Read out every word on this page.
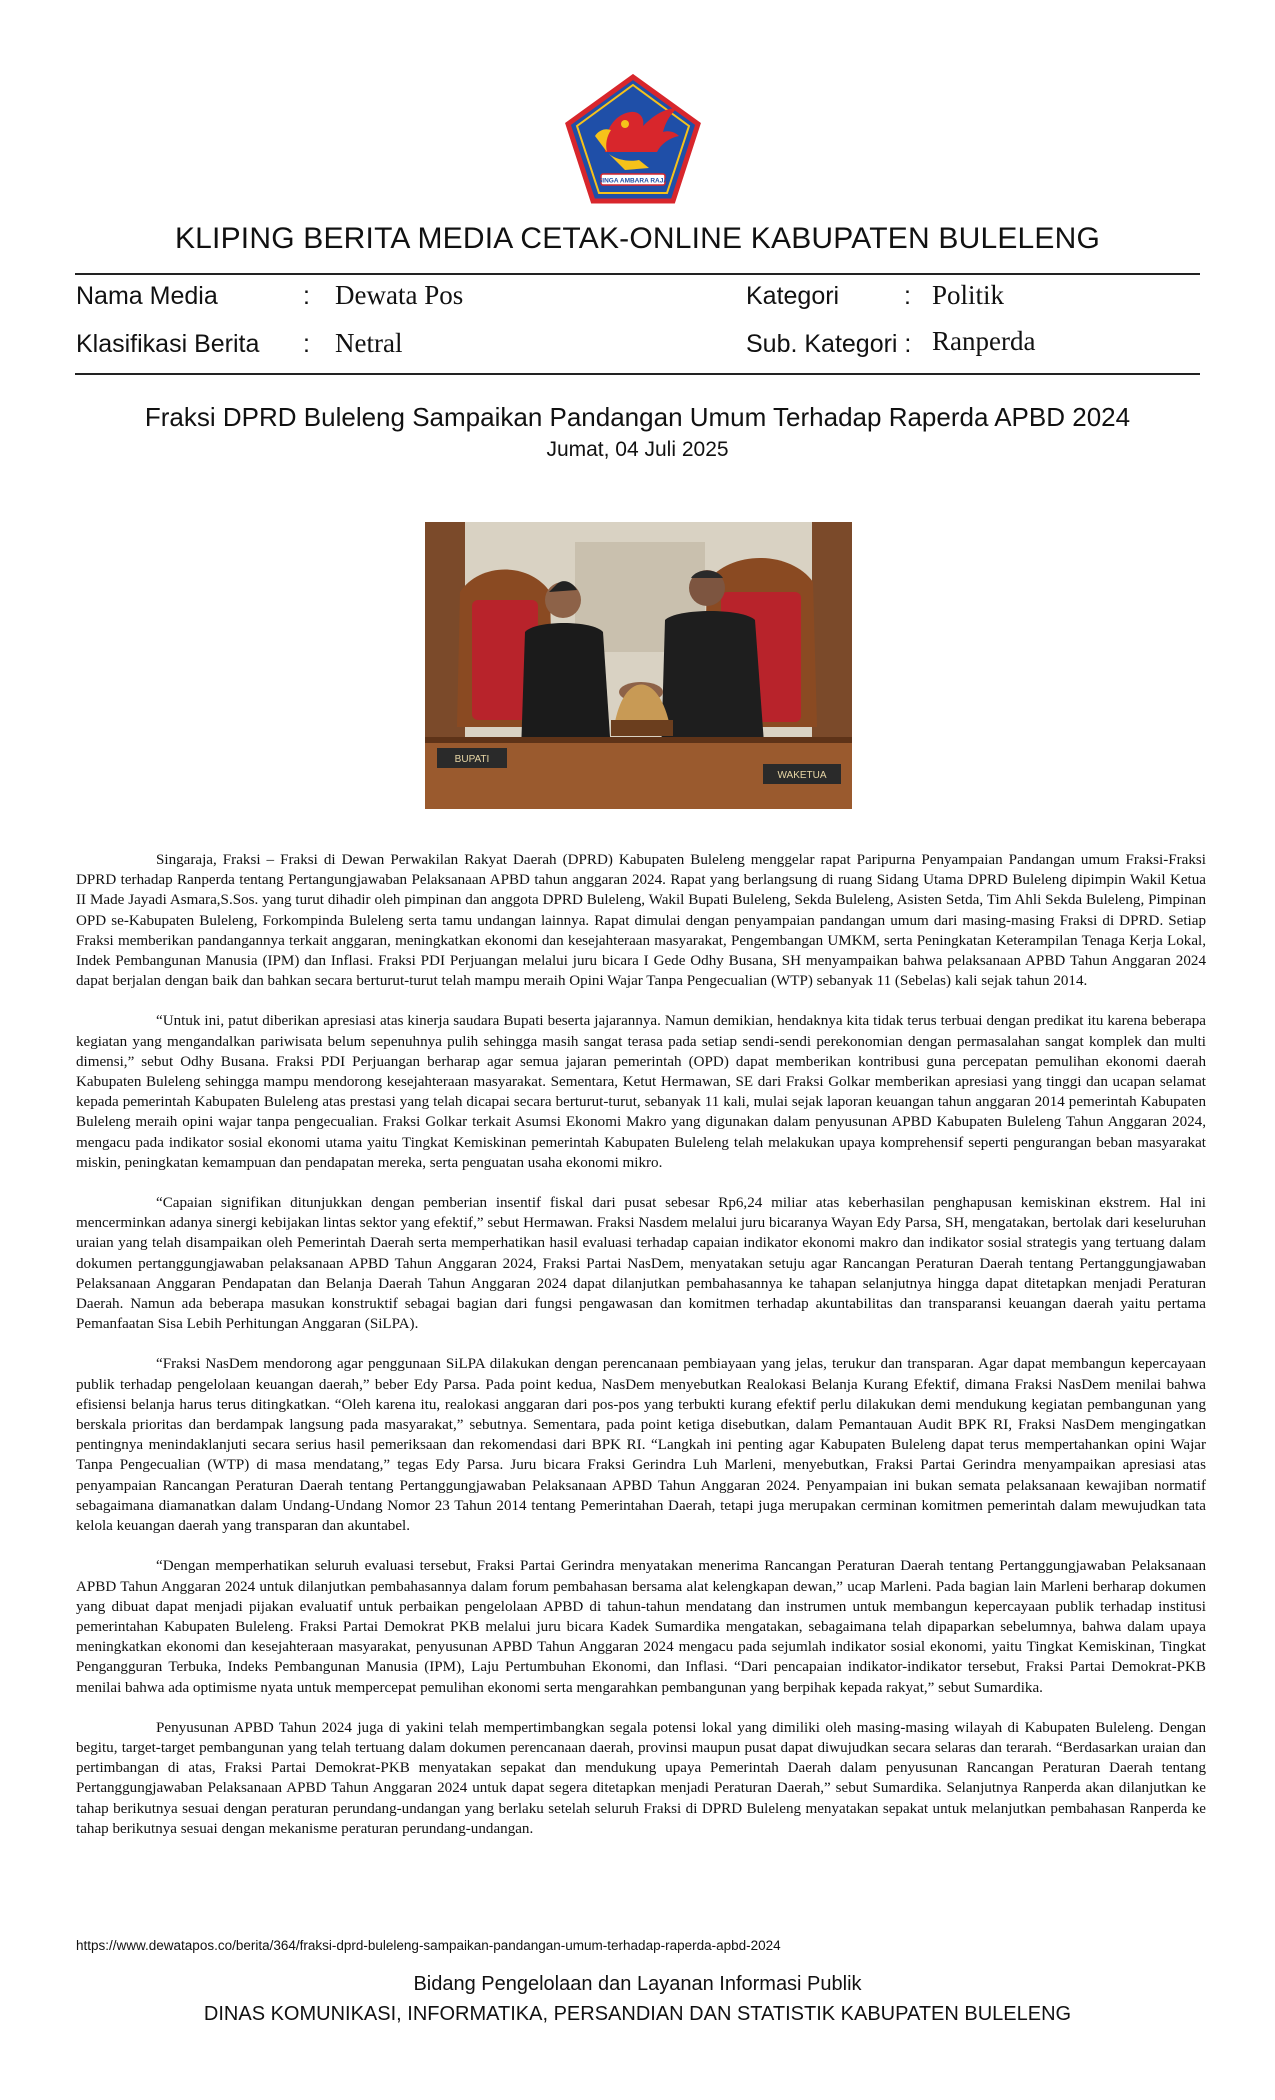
SINGA AMBARA RAJA
KLIPING BERITA MEDIA CETAK-ONLINE KABUPATEN BULELENG
Nama Media	: Dewata Pos	Kategori	: Politik
Klasifikasi Berita : Netral	Sub. Kategori : Ranperda
Fraksi DPRD Buleleng Sampaikan Pandangan Umum Terhadap Raperda APBD 2024
Jumat, 04 Juli 2025
BUPATI
WAKETUA

Singaraja, Fraksi – Fraksi di Dewan Perwakilan Rakyat Daerah (DPRD) Kabupaten Buleleng menggelar rapat Paripurna Penyampaian Pandangan umum Fraksi-Fraksi DPRD terhadap Ranperda tentang Pertangungjawaban Pelaksanaan APBD tahun anggaran 2024. Rapat yang berlangsung di ruang Sidang Utama DPRD Buleleng dipimpin Wakil Ketua II Made Jayadi Asmara,S.Sos. yang turut dihadir oleh pimpinan dan anggota DPRD Buleleng, Wakil Bupati Buleleng, Sekda Buleleng, Asisten Setda, Tim Ahli Sekda Buleleng, Pimpinan OPD se-Kabupaten Buleleng, Forkompinda Buleleng serta tamu undangan lainnya. Rapat dimulai dengan penyampaian pandangan umum dari masing-masing Fraksi di DPRD. Setiap Fraksi memberikan pandangannya terkait anggaran, meningkatkan ekonomi dan kesejahteraan masyarakat, Pengembangan UMKM, serta Peningkatan Keterampilan Tenaga Kerja Lokal, Indek Pembangunan Manusia (IPM) dan Inflasi. Fraksi PDI Perjuangan melalui juru bicara I Gede Odhy Busana, SH menyampaikan bahwa pelaksanaan APBD Tahun Anggaran 2024 dapat berjalan dengan baik dan bahkan secara berturut-turut telah mampu meraih Opini Wajar Tanpa Pengecualian (WTP) sebanyak 11 (Sebelas) kali sejak tahun 2014.

“Untuk ini, patut diberikan apresiasi atas kinerja saudara Bupati beserta jajarannya. Namun demikian, hendaknya kita tidak terus terbuai dengan predikat itu karena beberapa kegiatan yang mengandalkan pariwisata belum sepenuhnya pulih sehingga masih sangat terasa pada setiap sendi-sendi perekonomian dengan permasalahan sangat komplek dan multi dimensi,” sebut Odhy Busana. Fraksi PDI Perjuangan berharap agar semua jajaran pemerintah (OPD) dapat memberikan kontribusi guna percepatan pemulihan ekonomi daerah Kabupaten Buleleng sehingga mampu mendorong kesejahteraan masyarakat. Sementara, Ketut Hermawan, SE dari Fraksi Golkar memberikan apresiasi yang tinggi dan ucapan selamat kepada pemerintah Kabupaten Buleleng atas prestasi yang telah dicapai secara berturut-turut, sebanyak 11 kali, mulai sejak laporan keuangan tahun anggaran 2014 pemerintah Kabupaten Buleleng meraih opini wajar tanpa pengecualian. Fraksi Golkar terkait Asumsi Ekonomi Makro yang digunakan dalam penyusunan APBD Kabupaten Buleleng Tahun Anggaran 2024, mengacu pada indikator sosial ekonomi utama yaitu Tingkat Kemiskinan pemerintah Kabupaten Buleleng telah melakukan upaya komprehensif seperti pengurangan beban masyarakat miskin, peningkatan kemampuan dan pendapatan mereka, serta penguatan usaha ekonomi mikro.

“Capaian signifikan ditunjukkan dengan pemberian insentif fiskal dari pusat sebesar Rp6,24 miliar atas keberhasilan penghapusan kemiskinan ekstrem. Hal ini mencerminkan adanya sinergi kebijakan lintas sektor yang efektif,” sebut Hermawan. Fraksi Nasdem melalui juru bicaranya Wayan Edy Parsa, SH, mengatakan, bertolak dari keseluruhan uraian yang telah disampaikan oleh Pemerintah Daerah serta memperhatikan hasil evaluasi terhadap capaian indikator ekonomi makro dan indikator sosial strategis yang tertuang dalam dokumen pertanggungjawaban pelaksanaan APBD Tahun Anggaran 2024, Fraksi Partai NasDem, menyatakan setuju agar Rancangan Peraturan Daerah tentang Pertanggungjawaban Pelaksanaan Anggaran Pendapatan dan Belanja Daerah Tahun Anggaran 2024 dapat dilanjutkan pembahasannya ke tahapan selanjutnya hingga dapat ditetapkan menjadi Peraturan Daerah. Namun ada beberapa masukan konstruktif sebagai bagian dari fungsi pengawasan dan komitmen terhadap akuntabilitas dan transparansi keuangan daerah yaitu pertama Pemanfaatan Sisa Lebih Perhitungan Anggaran (SiLPA).

“Fraksi NasDem mendorong agar penggunaan SiLPA dilakukan dengan perencanaan pembiayaan yang jelas, terukur dan transparan. Agar dapat membangun kepercayaan publik terhadap pengelolaan keuangan daerah,” beber Edy Parsa. Pada point kedua, NasDem menyebutkan Realokasi Belanja Kurang Efektif, dimana Fraksi NasDem menilai bahwa efisiensi belanja harus terus ditingkatkan. “Oleh karena itu, realokasi anggaran dari pos-pos yang terbukti kurang efektif perlu dilakukan demi mendukung kegiatan pembangunan yang berskala prioritas dan berdampak langsung pada masyarakat,” sebutnya. Sementara, pada point ketiga disebutkan, dalam Pemantauan Audit BPK RI, Fraksi NasDem mengingatkan pentingnya menindaklanjuti secara serius hasil pemeriksaan dan rekomendasi dari BPK RI. “Langkah ini penting agar Kabupaten Buleleng dapat terus mempertahankan opini Wajar Tanpa Pengecualian (WTP) di masa mendatang,” tegas Edy Parsa. Juru bicara Fraksi Gerindra Luh Marleni, menyebutkan, Fraksi Partai Gerindra menyampaikan apresiasi atas penyampaian Rancangan Peraturan Daerah tentang Pertanggungjawaban Pelaksanaan APBD Tahun Anggaran 2024. Penyampaian ini bukan semata pelaksanaan kewajiban normatif sebagaimana diamanatkan dalam Undang-Undang Nomor 23 Tahun 2014 tentang Pemerintahan Daerah, tetapi juga merupakan cerminan komitmen pemerintah dalam mewujudkan tata kelola keuangan daerah yang transparan dan akuntabel.

“Dengan memperhatikan seluruh evaluasi tersebut, Fraksi Partai Gerindra menyatakan menerima Rancangan Peraturan Daerah tentang Pertanggungjawaban Pelaksanaan APBD Tahun Anggaran 2024 untuk dilanjutkan pembahasannya dalam forum pembahasan bersama alat kelengkapan dewan,” ucap Marleni. Pada bagian lain Marleni berharap dokumen yang dibuat dapat menjadi pijakan evaluatif untuk perbaikan pengelolaan APBD di tahun-tahun mendatang dan instrumen untuk membangun kepercayaan publik terhadap institusi pemerintahan Kabupaten Buleleng. Fraksi Partai Demokrat PKB melalui juru bicara Kadek Sumardika mengatakan, sebagaimana telah dipaparkan sebelumnya, bahwa dalam upaya meningkatkan ekonomi dan kesejahteraan masyarakat, penyusunan APBD Tahun Anggaran 2024 mengacu pada sejumlah indikator sosial ekonomi, yaitu Tingkat Kemiskinan, Tingkat Pengangguran Terbuka, Indeks Pembangunan Manusia (IPM), Laju Pertumbuhan Ekonomi, dan Inflasi. “Dari pencapaian indikator-indikator tersebut, Fraksi Partai Demokrat-PKB menilai bahwa ada optimisme nyata untuk mempercepat pemulihan ekonomi serta mengarahkan pembangunan yang berpihak kepada rakyat,” sebut Sumardika.

Penyusunan APBD Tahun 2024 juga di yakini telah mempertimbangkan segala potensi lokal yang dimiliki oleh masing-masing wilayah di Kabupaten Buleleng. Dengan begitu, target-target pembangunan yang telah tertuang dalam dokumen perencanaan daerah, provinsi maupun pusat dapat diwujudkan secara selaras dan terarah. “Berdasarkan uraian dan pertimbangan di atas, Fraksi Partai Demokrat-PKB menyatakan sepakat dan mendukung upaya Pemerintah Daerah dalam penyusunan Rancangan Peraturan Daerah tentang Pertanggungjawaban Pelaksanaan APBD Tahun Anggaran 2024 untuk dapat segera ditetapkan menjadi Peraturan Daerah,” sebut Sumardika. Selanjutnya Ranperda akan dilanjutkan ke tahap berikutnya sesuai dengan peraturan perundang-undangan yang berlaku setelah seluruh Fraksi di DPRD Buleleng menyatakan sepakat untuk melanjutkan pembahasan Ranperda ke tahap berikutnya sesuai dengan mekanisme peraturan perundang-undangan.

https://www.dewatapos.co/berita/364/fraksi-dprd-buleleng-sampaikan-pandangan-umum-terhadap-raperda-apbd-2024
Bidang Pengelolaan dan Layanan Informasi Publik
DINAS KOMUNIKASI, INFORMATIKA, PERSANDIAN DAN STATISTIK KABUPATEN BULELENG
